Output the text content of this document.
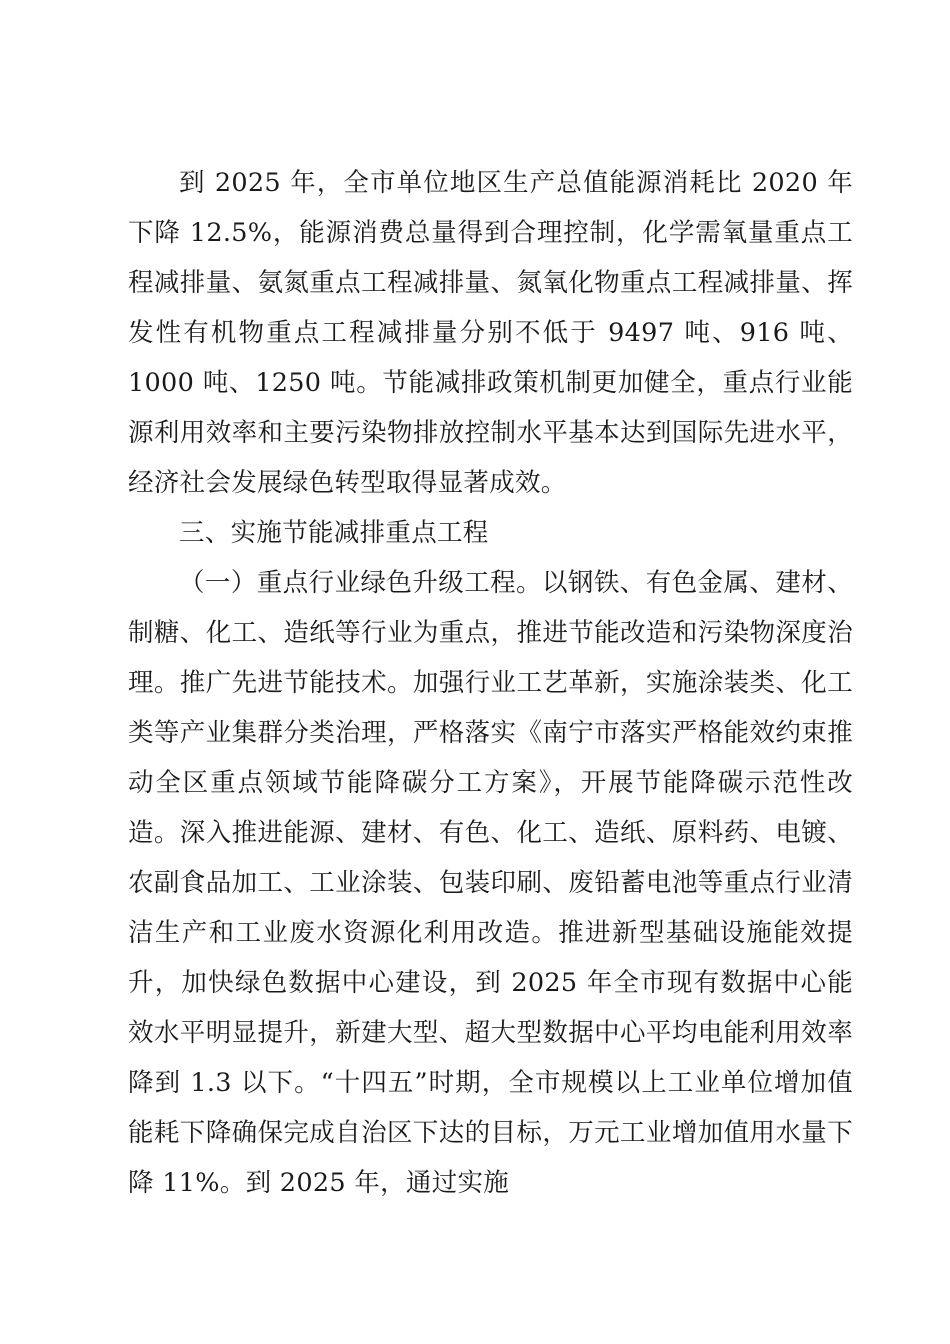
到 2025 年，全市单位地区生产总值能源消耗比 2020 年下降 12.5%，能源消费总量得到合理控制，化学需氧量重点工程减排量、氨氮重点工程减排量、氮氧化物重点工程减排量、挥发性有机物重点工程减排量分别不低于 9497 吨、916 吨、1000 吨、1250 吨。节能减排政策机制更加健全，重点行业能源利用效率和主要污染物排放控制水平基本达到国际先进水平，经济社会发展绿色转型取得显著成效。

三、实施节能减排重点工程

（一）重点行业绿色升级工程。以钢铁、有色金属、建材、制糖、化工、造纸等行业为重点，推进节能改造和污染物深度治理。推广先进节能技术。加强行业工艺革新，实施涂装类、化工类等产业集群分类治理，严格落实《南宁市落实严格能效约束推动全区重点领域节能降碳分工方案》，开展节能降碳示范性改造。深入推进能源、建材、有色、化工、造纸、原料药、电镀、农副食品加工、工业涂装、包装印刷、废铅蓄电池等重点行业清洁生产和工业废水资源化利用改造。推进新型基础设施能效提升，加快绿色数据中心建设，到 2025 年全市现有数据中心能效水平明显提升，新建大型、超大型数据中心平均电能利用效率降到 1.3 以下。“十四五”时期，全市规模以上工业单位增加值能耗下降确保完成自治区下达的目标，万元工业增加值用水量下降 11%。到 2025 年，通过实施
